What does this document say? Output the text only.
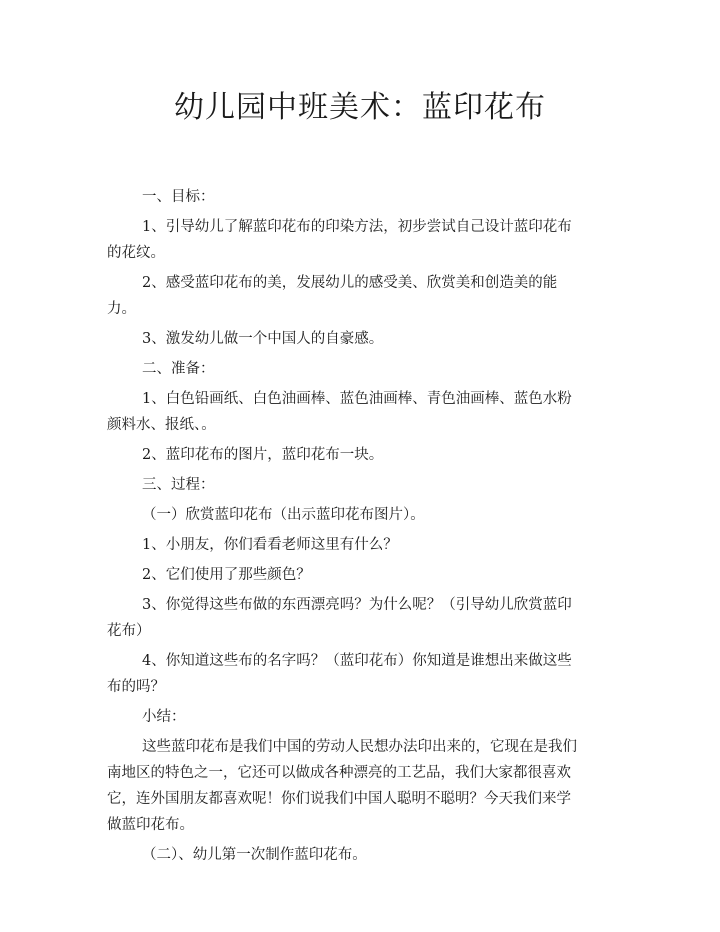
幼儿园中班美术：蓝印花布

一、目标：

1、引导幼儿了解蓝印花布的印染方法，初步尝试自己设计蓝印花布的花纹。

2、感受蓝印花布的美，发展幼儿的感受美、欣赏美和创造美的能力。

3、激发幼儿做一个中国人的自豪感。

二、准备：

1、白色铅画纸、白色油画棒、蓝色油画棒、青色油画棒、蓝色水粉颜料水、报纸、。

2、蓝印花布的图片，蓝印花布一块。

三、过程：

（一）欣赏蓝印花布（出示蓝印花布图片）。

1、小朋友，你们看看老师这里有什么？

2、它们使用了那些颜色？

3、你觉得这些布做的东西漂亮吗？为什么呢？（引导幼儿欣赏蓝印花布）

4、你知道这些布的名字吗？（蓝印花布）你知道是谁想出来做这些布的吗？

小结：

这些蓝印花布是我们中国的劳动人民想办法印出来的，它现在是我们南地区的特色之一，它还可以做成各种漂亮的工艺品，我们大家都很喜欢它，连外国朋友都喜欢呢！你们说我们中国人聪明不聪明？今天我们来学做蓝印花布。

（二）、幼儿第一次制作蓝印花布。
